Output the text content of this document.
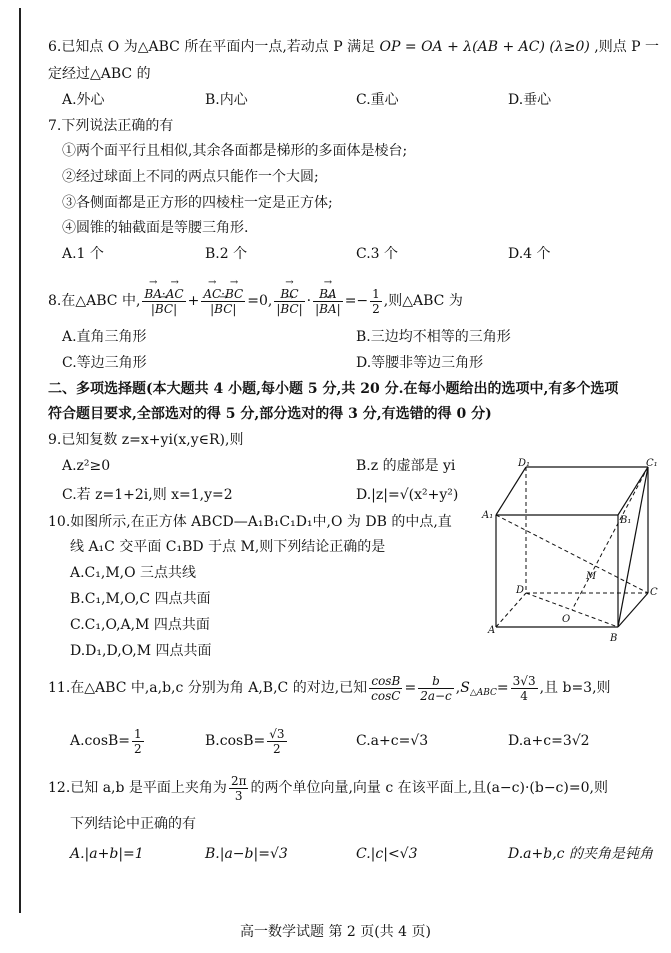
6.已知点 O 为△ABC 所在平面内一点,若动点 P 满足 OP = OA + λ(AB + AC) (λ≥0) ,则点 P 一
定经过△ABC 的
A.外心	B.内心	C.重心	D.垂心
7.下列说法正确的有
①两个面平行且相似,其余各面都是梯形的多面体是棱台;
②经过球面上不同的两点只能作一个大圆;
③各侧面都是正方形的四棱柱一定是正方体;
④圆锥的轴截面是等腰三角形.
A.1 个	B.2 个	C.3 个	D.4 个
8.在△ABC 中, → $\frac{BA\cdot\to AC}{|\to BC|}$ + → $\frac{AC\cdot\to BC}{|\to BC|} =0$, → $\frac{BC}{|\to BC|}$ · → $\frac{BA}{|\to BA|} =- \frac{1}{2}$ ,则△ABC 为
A.直角三角形	B.三边均不相等的三角形
C.等边三角形	D.等腰非等边三角形
二、多项选择题(本大题共 4 小题,每小题 5 分,共 20 分.在每小题给出的选项中,有多个选项
符合题目要求,全部选对的得 5 分,部分选对的得 3 分,有选错的得 0 分)
9.已知复数 z=x+yi(x,y∈R),则
A.z²≥0	B.z 的虚部是 yi
C.若 z=1+2i,则 x=1,y=2	D.|z|=√(x²+y²)
10.如图所示,在正方体 ABCD—A₁B₁C₁D₁中,O 为 DB 的中点,直
线 A₁C 交平面 C₁BD 于点 M,则下列结论正确的是
A.C₁,M,O 三点共线
B.C₁,M,O,C 四点共面
C.C₁,O,A,M 四点共面
D.D₁,D,O,M 四点共面
D₁	C₁
A₁	B₁
D	C
M
O
A
B
11.在△ABC 中,a,b,c 分别为角 A,B,C 的对边,已知 $\frac{\cos B}{\cos C} = \frac{b}{2a-c} ,S_{\triangle ABC}= \frac{3√3}{4}$ ,且 b=3,则
$A.\cos B= \frac{1}{2}$	$B.\cos B= \frac{√3}{2}$	C.a+c=√3	D.a+c=3√2
12.已知 a,b 是平面上夹角为 $\frac{2\pi}{3}$ 的两个单位向量,向量 c 在该平面上,且(a−c)·(b−c)=0,则
下列结论中正确的有
A.|a+b|=1	B.|a−b|=√3	C.|c|<√3	D.a+b,c 的夹角是钝角
高一数学试题 第 2 页(共 4 页)
